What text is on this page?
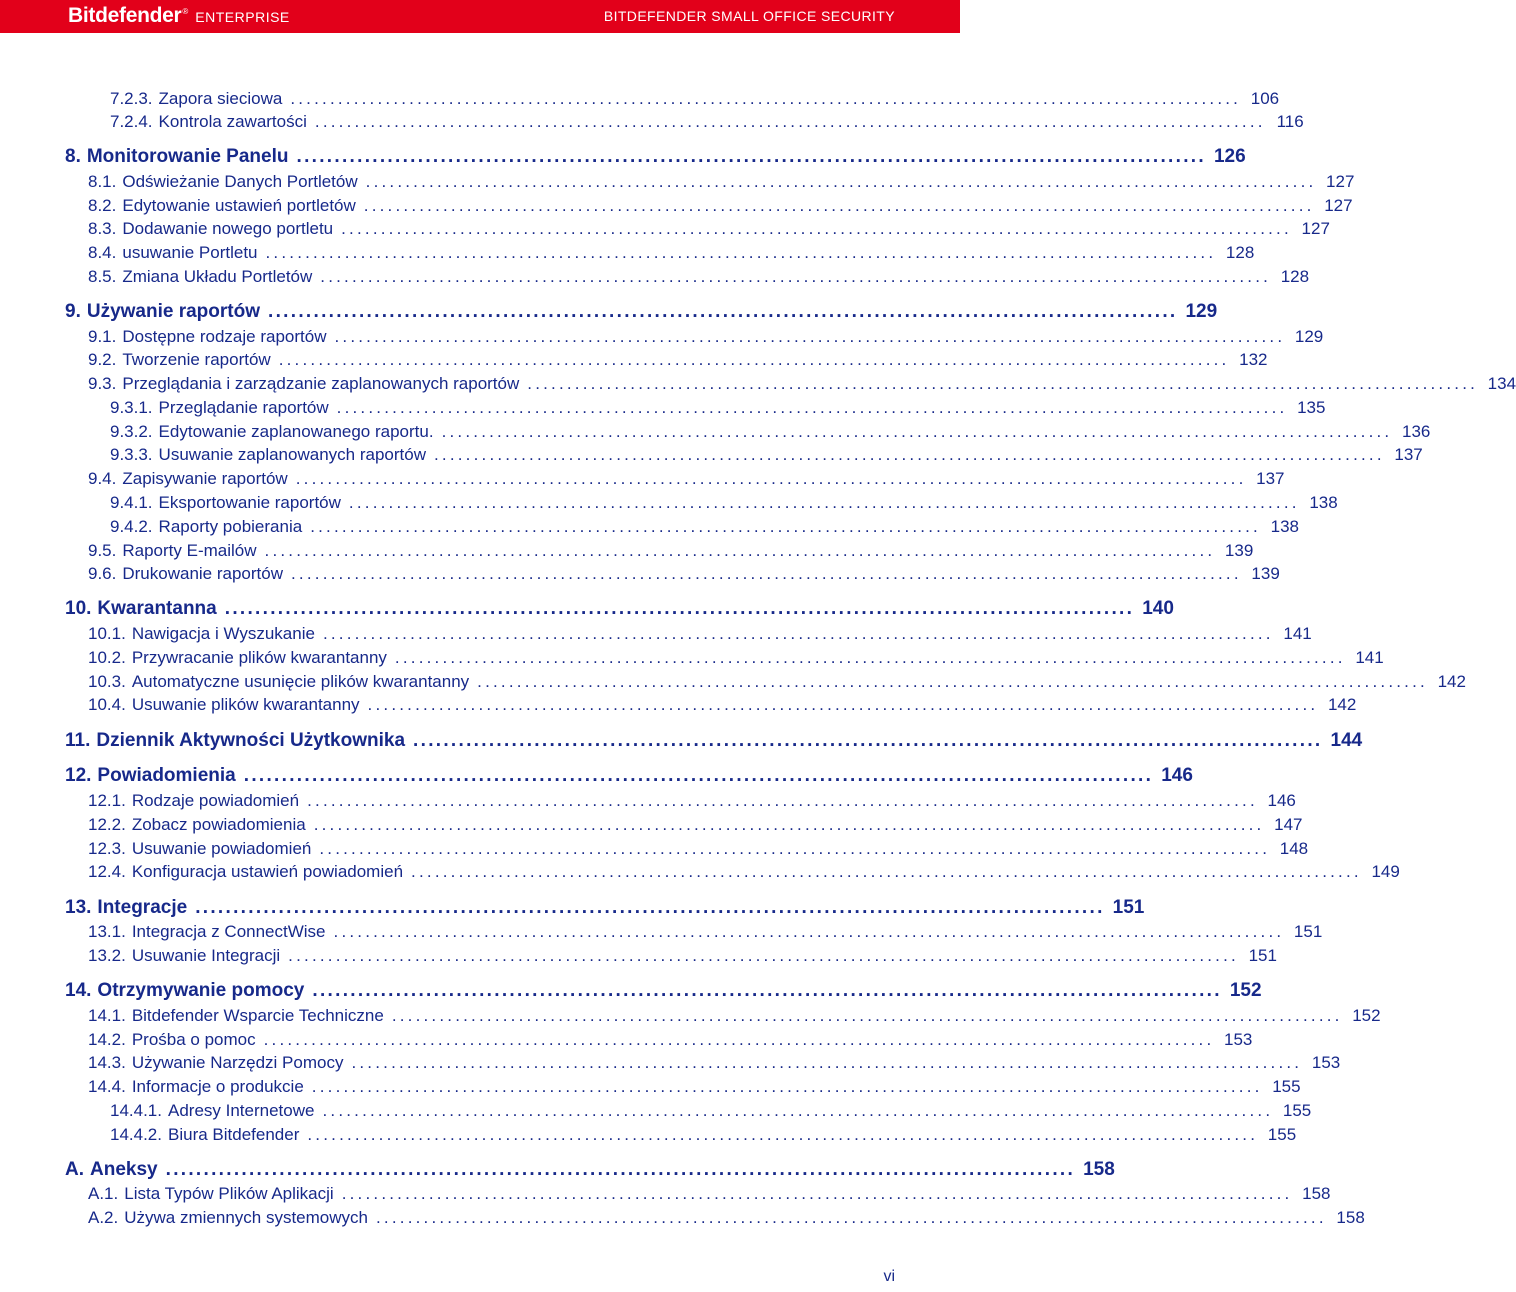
Bitdefender ® ENTERPRISE	BITDEFENDER SMALL OFFICE SECURITY
7.2.3. Zapora sieciowa ........................................................................................................................ 106
7.2.4. Kontrola zawartości ........................................................................................................................ 116
8. Monitorowanie Panelu ........................................................................................................................ 126
8.1. Odświeżanie Danych Portletów ........................................................................................................................ 127
8.2. Edytowanie ustawień portletów ........................................................................................................................ 127
8.3. Dodawanie nowego portletu ........................................................................................................................ 127
8.4. usuwanie Portletu ........................................................................................................................ 128
8.5. Zmiana Układu Portletów ........................................................................................................................ 128
9. Używanie raportów ........................................................................................................................ 129
9.1. Dostępne rodzaje raportów ........................................................................................................................ 129
9.2. Tworzenie raportów ........................................................................................................................ 132
9.3. Przeglądania i zarządzanie zaplanowanych raportów ........................................................................................................................ 134
9.3.1. Przeglądanie raportów ........................................................................................................................ 135
9.3.2. Edytowanie zaplanowanego raportu. ........................................................................................................................ 136
9.3.3. Usuwanie zaplanowanych raportów ........................................................................................................................ 137
9.4. Zapisywanie raportów ........................................................................................................................ 137
9.4.1. Eksportowanie raportów ........................................................................................................................ 138
9.4.2. Raporty pobierania ........................................................................................................................ 138
9.5. Raporty E-mailów ........................................................................................................................ 139
9.6. Drukowanie raportów ........................................................................................................................ 139
10. Kwarantanna ........................................................................................................................ 140
10.1. Nawigacja i Wyszukanie ........................................................................................................................ 141
10.2. Przywracanie plików kwarantanny ........................................................................................................................ 141
10.3. Automatyczne usunięcie plików kwarantanny ........................................................................................................................ 142
10.4. Usuwanie plików kwarantanny ........................................................................................................................ 142
11. Dziennik Aktywności Użytkownika ........................................................................................................................ 144
12. Powiadomienia ........................................................................................................................ 146
12.1. Rodzaje powiadomień ........................................................................................................................ 146
12.2. Zobacz powiadomienia ........................................................................................................................ 147
12.3. Usuwanie powiadomień ........................................................................................................................ 148
12.4. Konfiguracja ustawień powiadomień ........................................................................................................................ 149
13. Integracje ........................................................................................................................ 151
13.1. Integracja z ConnectWise ........................................................................................................................ 151
13.2. Usuwanie Integracji ........................................................................................................................ 151
14. Otrzymywanie pomocy ........................................................................................................................ 152
14.1. Bitdefender Wsparcie Techniczne ........................................................................................................................ 152
14.2. Prośba o pomoc ........................................................................................................................ 153
14.3. Używanie Narzędzi Pomocy ........................................................................................................................ 153
14.4. Informacje o produkcie ........................................................................................................................ 155
14.4.1. Adresy Internetowe ........................................................................................................................ 155
14.4.2. Biura Bitdefender ........................................................................................................................ 155
A. Aneksy ........................................................................................................................ 158
A.1. Lista Typów Plików Aplikacji ........................................................................................................................ 158
A.2. Używa zmiennych systemowych ........................................................................................................................ 158
vi
